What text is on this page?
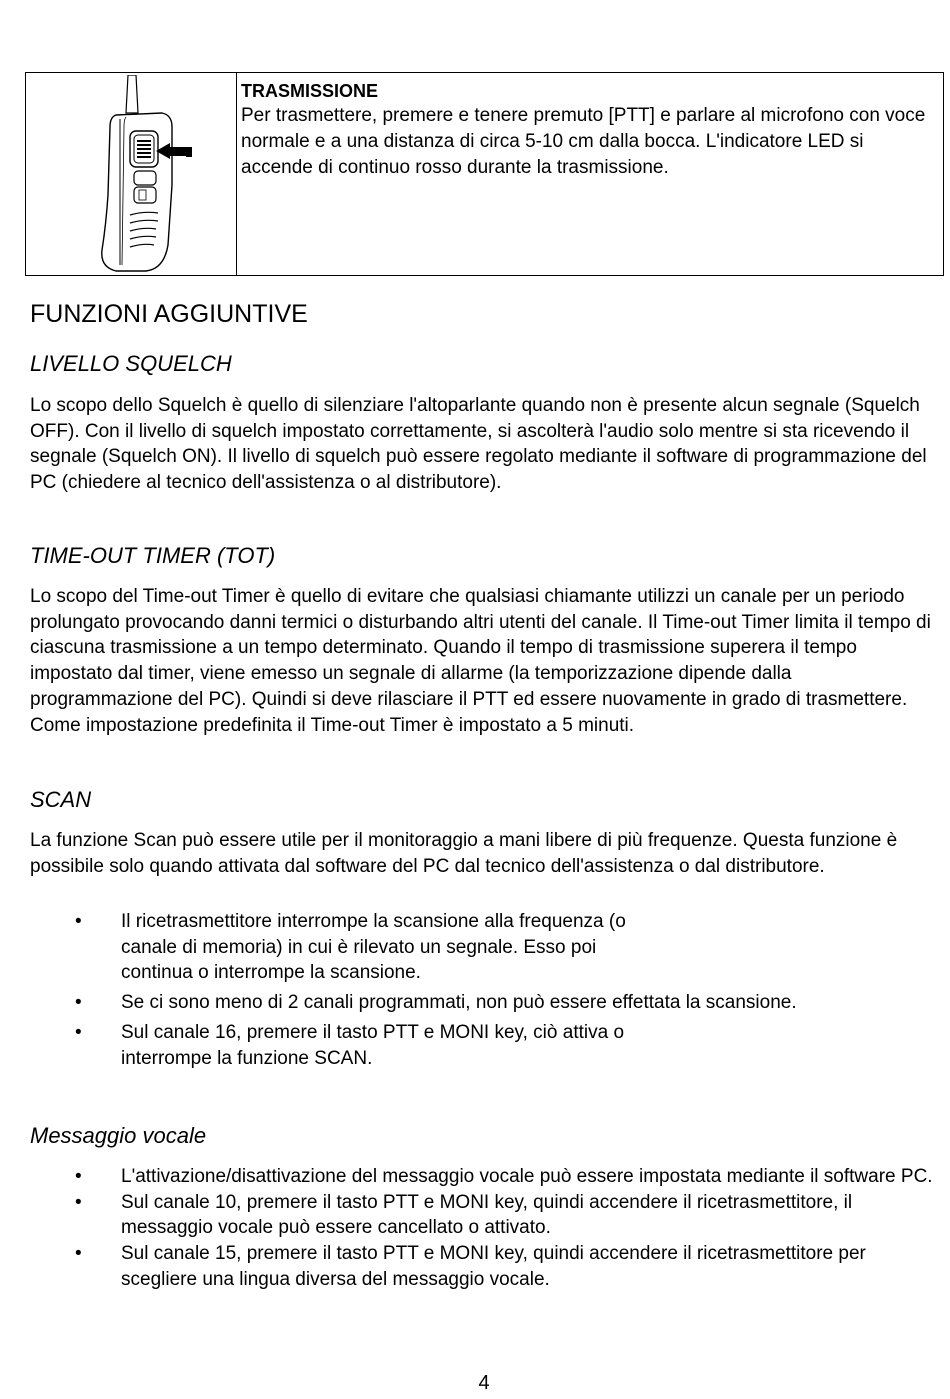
TRASMISSIONE
Per trasmettere, premere e tenere premuto [PTT] e parlare al microfono con voce normale e a una distanza di circa 5-10 cm dalla bocca. L'indicatore LED si accende di continuo rosso durante la trasmissione.
FUNZIONI AGGIUNTIVE
LIVELLO SQUELCH

Lo scopo dello Squelch è quello di silenziare l'altoparlante quando non è presente alcun segnale (Squelch OFF). Con il livello di squelch impostato correttamente, si ascolterà l'audio solo mentre si sta ricevendo il segnale (Squelch ON). Il livello di squelch può essere regolato mediante il software di programmazione del PC (chiedere al tecnico dell'assistenza o al distributore).

TIME-OUT TIMER (TOT)

Lo scopo del Time-out Timer è quello di evitare che qualsiasi chiamante utilizzi un canale per un periodo prolungato provocando danni termici o disturbando altri utenti del canale. Il Time-out Timer limita il tempo di ciascuna trasmissione a un tempo determinato. Quando il tempo di trasmissione superera il tempo impostato dal timer, viene emesso un segnale di allarme (la temporizzazione dipende dalla programmazione del PC). Quindi si deve rilasciare il PTT ed essere nuovamente in grado di trasmettere. Come impostazione predefinita il Time-out Timer è impostato a 5 minuti.

SCAN

La funzione Scan può essere utile per il monitoraggio a mani libere di più frequenze. Questa funzione è possibile solo quando attivata dal software del PC dal tecnico dell'assistenza o dal distributore.

• Il ricetrasmettitore interrompe la scansione alla frequenza (o canale di memoria) in cui è rilevato un segnale. Esso poi continua o interrompe la scansione.
• Se ci sono meno di 2 canali programmati, non può essere effettata la scansione.
• Sul canale 16, premere il tasto PTT e MONI key, ciò attiva o interrompe la funzione SCAN.
Messaggio vocale
• L'attivazione/disattivazione del messaggio vocale può essere impostata mediante il software PC.
• Sul canale 10, premere il tasto PTT e MONI key, quindi accendere il ricetrasmettitore, il messaggio vocale può essere cancellato o attivato.
• Sul canale 15, premere il tasto PTT e MONI key, quindi accendere il ricetrasmettitore per scegliere una lingua diversa del messaggio vocale.
4
